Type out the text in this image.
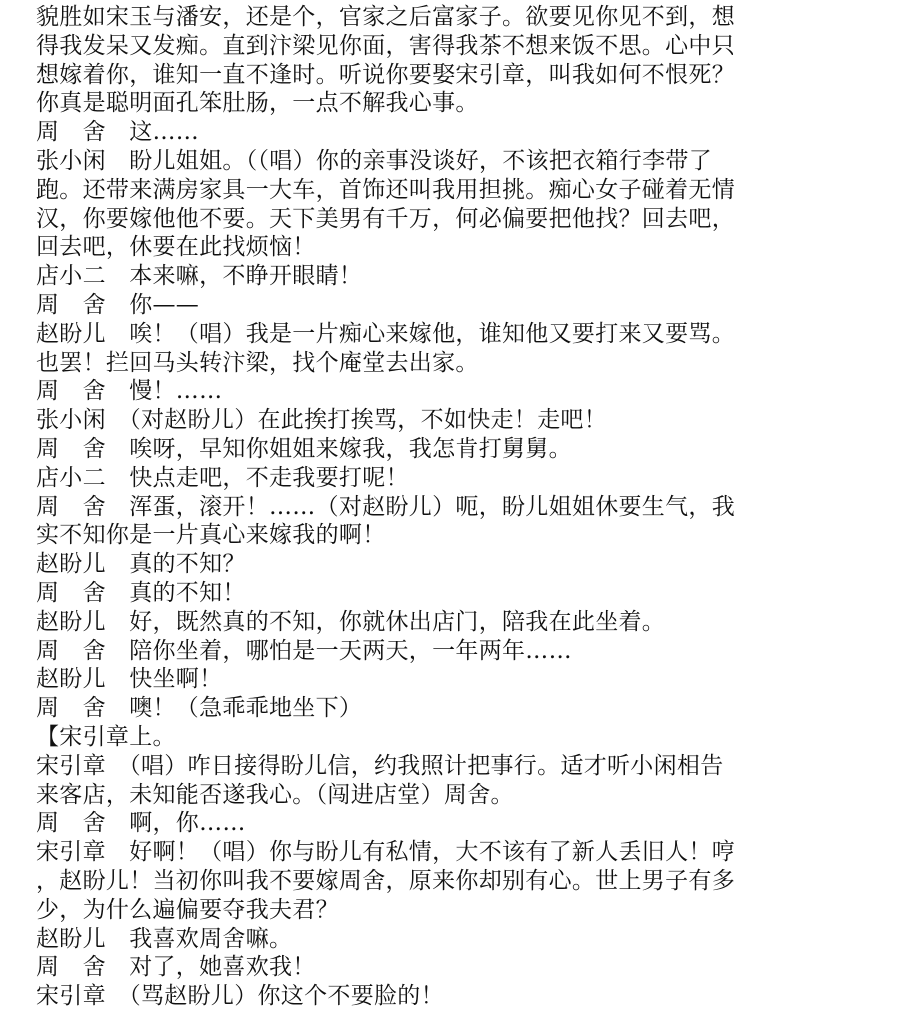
貌胜如宋玉与潘安，还是个，官家之后富家子。欲要见你见不到，想
得我发呆又发痴。直到汴梁见你面，害得我茶不想来饭不思。心中只
想嫁着你，谁知一直不逢时。听说你要娶宋引章，叫我如何不恨死？
你真是聪明面孔笨肚肠，一点不解我心事。
周　舍　这……
张小闲　盼儿姐姐。（（唱）你的亲事没谈好，不该把衣箱行李带了
跑。还带来满房家具一大车，首饰还叫我用担挑。痴心女子碰着无情
汉，你要嫁他他不要。天下美男有千万，何必偏要把他找？回去吧，
回去吧，休要在此找烦恼！
店小二　本来嘛，不睁开眼睛！
周　舍　你——
赵盼儿　唉！（唱）我是一片痴心来嫁他，谁知他又要打来又要骂。
也罢！拦回马头转汴梁，找个庵堂去出家。
周　舍　慢！……
张小闲　（对赵盼儿）在此挨打挨骂，不如快走！走吧！
周　舍　唉呀，早知你姐姐来嫁我，我怎肯打舅舅。
店小二　快点走吧，不走我要打呢！
周　舍　浑蛋，滚开！……（对赵盼儿）呃，盼儿姐姐休要生气，我
实不知你是一片真心来嫁我的啊！
赵盼儿　真的不知？
周　舍　真的不知！
赵盼儿　好，既然真的不知，你就休出店门，陪我在此坐着。
周　舍　陪你坐着，哪怕是一天两天，一年两年……
赵盼儿　快坐啊！
周　舍　噢！（急乖乖地坐下）
【宋引章上。
宋引章　（唱）咋日接得盼儿信，约我照计把事行。适才听小闲相告
来客店，未知能否遂我心。（闯进店堂）周舍。
周　舍　啊，你……
宋引章　好啊！（唱）你与盼儿有私情，大不该有了新人丢旧人！哼
，赵盼儿！当初你叫我不要嫁周舍，原来你却别有心。世上男子有多
少，为什么遍偏要夺我夫君？
赵盼儿　我喜欢周舍嘛。
周　舍　对了，她喜欢我！
宋引章　（骂赵盼儿）你这个不要脸的！
